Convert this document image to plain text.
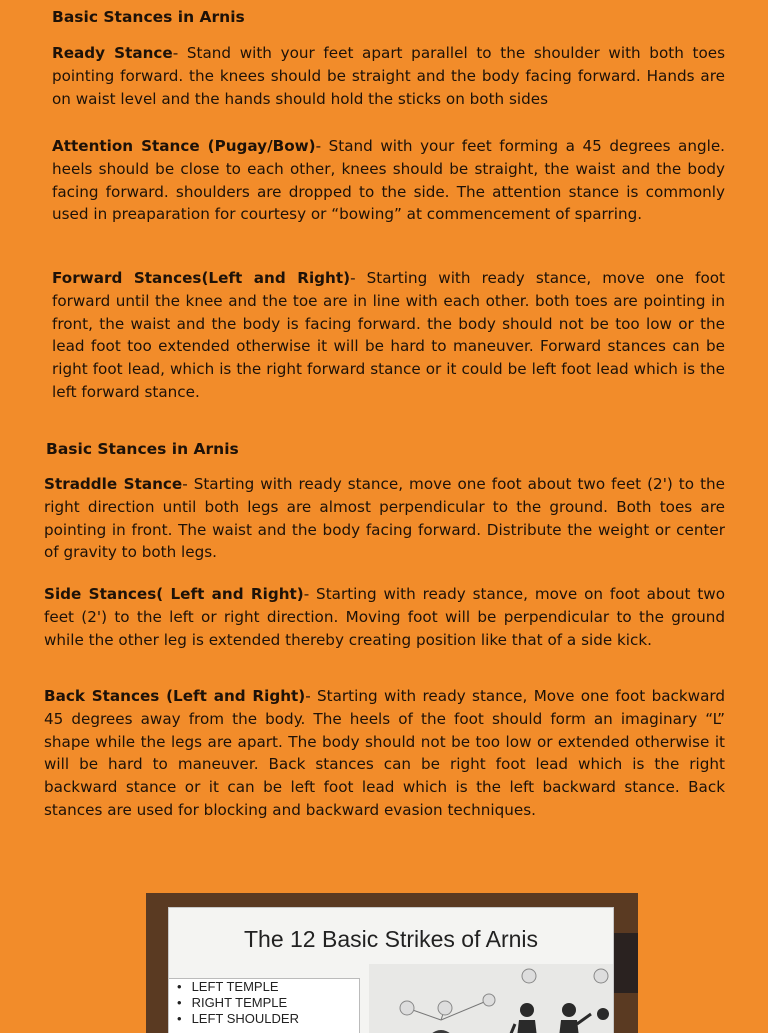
Basic Stances in Arnis

Ready Stance- Stand with your feet apart parallel to the shoulder with both toes pointing forward. the knees should be straight and the body facing forward. Hands are on waist level and the hands should hold the sticks on both sides

Attention Stance (Pugay/Bow)- Stand with your feet forming a 45 degrees angle. heels should be close to each other, knees should be straight, the waist and the body facing forward. shoulders are dropped to the side. The attention stance is commonly used in preaparation for courtesy or “bowing” at commencement of sparring.

Forward Stances(Left and Right)- Starting with ready stance, move one foot forward until the knee and the toe are in line with each other. both toes are pointing in front, the waist and the body is facing forward. the body should not be too low or the lead foot too extended otherwise it will be hard to maneuver. Forward stances can be right foot lead, which is the right forward stance or it could be left foot lead which is the left forward stance.

Basic Stances in Arnis

Straddle Stance- Starting with ready stance, move one foot about two feet (2') to the right direction until both legs are almost perpendicular to the ground. Both toes are pointing in front. The waist and the body facing forward. Distribute the weight or center of gravity to both legs.

Side Stances( Left and Right)- Starting with ready stance, move on foot about two feet (2') to the left or right direction. Moving foot will be perpendicular to the ground while the other leg is extended thereby creating position like that of a side kick.

Back Stances (Left and Right)- Starting with ready stance, Move one foot backward 45 degrees away from the body. The heels of the foot should form an imaginary “L” shape while the legs are apart. The body should not be too low or extended otherwise it will be hard to maneuver. Back stances can be right foot lead which is the right backward stance or it can be left foot lead which is the left backward stance. Back stances are used for blocking and backward evasion techniques.

The 12 Basic Strikes of Arnis
• LEFT TEMPLE
• RIGHT TEMPLE
• LEFT SHOULDER
